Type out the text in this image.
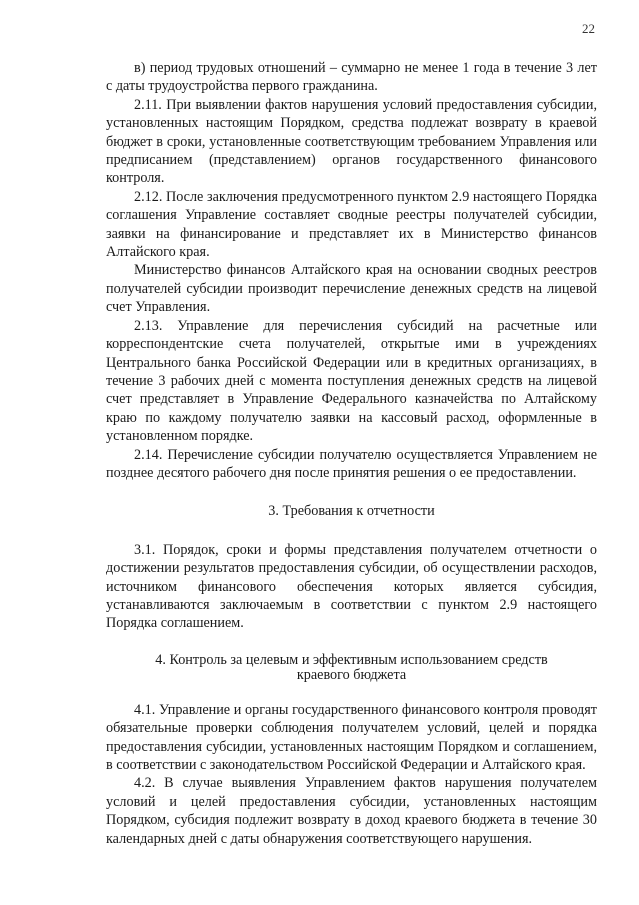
22

в) период трудовых отношений – суммарно не менее 1 года в течение 3 лет с даты трудоустройства первого гражданина.

2.11. При выявлении фактов нарушения условий предоставления субсидии, установленных настоящим Порядком, средства подлежат возврату в краевой бюджет в сроки, установленные соответствующим требованием Управления или предписанием (представлением) органов государственного финансового контроля.

2.12. После заключения предусмотренного пунктом 2.9 настоящего Порядка соглашения Управление составляет сводные реестры получателей субсидии, заявки на финансирование и представляет их в Министерство финансов Алтайского края.

Министерство финансов Алтайского края на основании сводных реестров получателей субсидии производит перечисление денежных средств на лицевой счет Управления.

2.13. Управление для перечисления субсидий на расчетные или корреспондентские счета получателей, открытые ими в учреждениях Центрального банка Российской Федерации или в кредитных организациях, в течение 3 рабочих дней с момента поступления денежных средств на лицевой счет представляет в Управление Федерального казначейства по Алтайскому краю по каждому получателю заявки на кассовый расход, оформленные в установленном порядке.

2.14. Перечисление субсидии получателю осуществляется Управлением не позднее десятого рабочего дня после принятия решения о ее предоставлении.

3. Требования к отчетности

3.1. Порядок, сроки и формы представления получателем отчетности о достижении результатов предоставления субсидии, об осуществлении расходов, источником финансового обеспечения которых является субсидия, устанавливаются заключаемым в соответствии с пунктом 2.9 настоящего Порядка соглашением.

4. Контроль за целевым и эффективным использованием средств
краевого бюджета

4.1. Управление и органы государственного финансового контроля проводят обязательные проверки соблюдения получателем условий, целей и порядка предоставления субсидии, установленных настоящим Порядком и соглашением, в соответствии с законодательством Российской Федерации и Алтайского края.

4.2. В случае выявления Управлением фактов нарушения получателем условий и целей предоставления субсидии, установленных настоящим Порядком, субсидия подлежит возврату в доход краевого бюджета в течение 30 календарных дней с даты обнаружения соответствующего нарушения.
